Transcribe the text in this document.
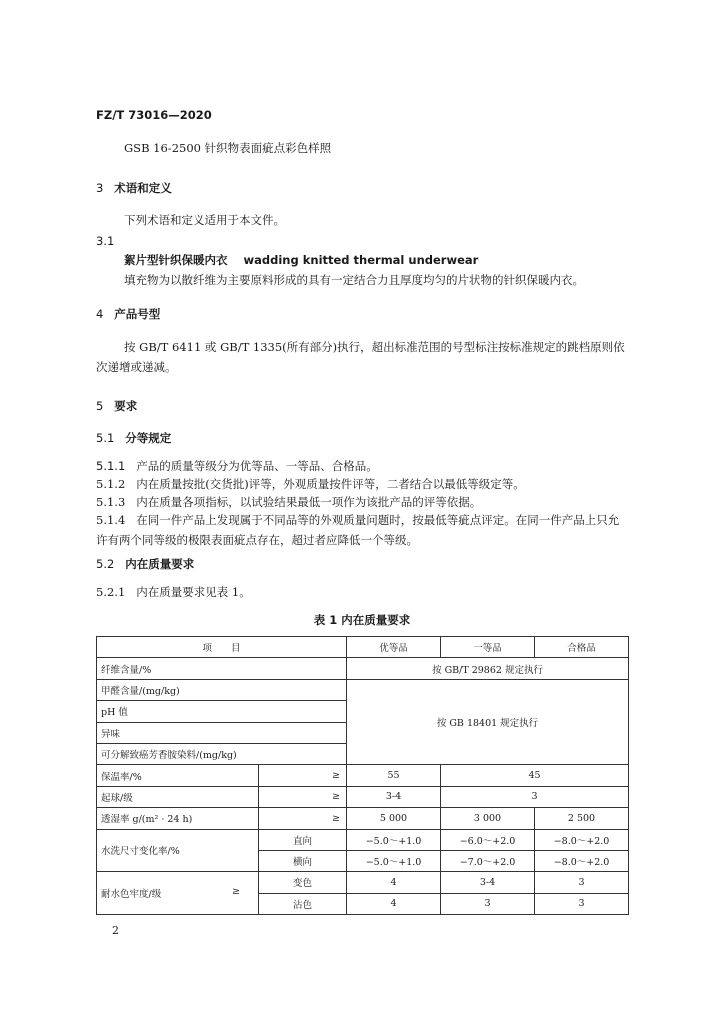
FZ/T 73016—2020
GSB 16-2500 针织物表面疵点彩色样照
3 术语和定义
下列术语和定义适用于本文件。
3.1
絮片型针织保暖内衣 wadding knitted thermal underwear
填充物为以散纤维为主要原料形成的具有一定结合力且厚度均匀的片状物的针织保暖内衣。
4 产品号型
按 GB/T 6411 或 GB/T 1335(所有部分)执行，超出标准范围的号型标注按标准规定的跳档原则依次递增或递减。
5 要求
5.1 分等规定
5.1.1 产品的质量等级分为优等品、一等品、合格品。
5.1.2 内在质量按批(交货批)评等，外观质量按件评等，二者结合以最低等级定等。
5.1.3 内在质量各项指标，以试验结果最低一项作为该批产品的评等依据。
5.1.4 在同一件产品上发现属于不同品等的外观质量问题时，按最低等疵点评定。在同一件产品上只允许有两个同等级的极限表面疵点存在，超过者应降低一个等级。
5.2 内在质量要求
5.2.1 内在质量要求见表 1。
表 1 内在质量要求
项　　目		优等品	一等品	合格品
纤维含量/%		按 GB/T 29862 规定执行		
甲醛含量/(mg/kg)		按 GB 18401 规定执行		
pH 值				
异味				
可分解致癌芳香胺染料/(mg/kg)				
保温率/%	≥	55	45	
起球/级	≥	3-4	3	
透湿率 g/(m² · 24 h)	≥	5 000	3 000	2 500
水洗尺寸变化率/%	直向	−5.0～+1.0	−6.0～+2.0	−8.0～+2.0
	横向	−5.0～+1.0	−7.0～+2.0	−8.0～+2.0
耐水色牢度/级 ≥	变色	4	3-4	3
	沾色	4	3	3
2
